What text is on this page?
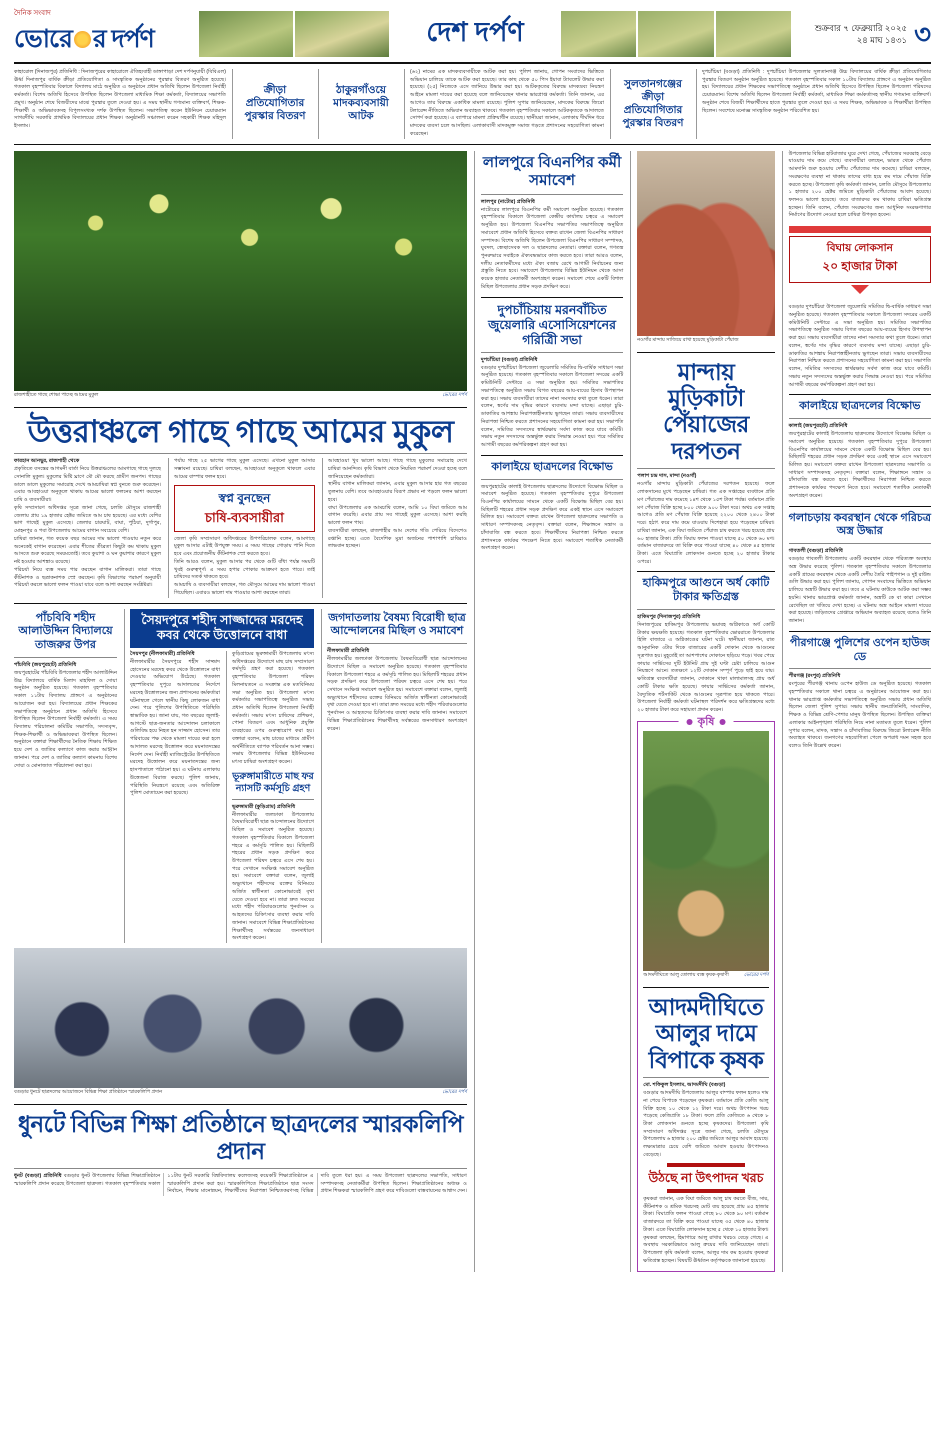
দৈনিক সংবাদ
ভোরে র দর্পণ	দেশ দর্পণ	শুক্রবার ৭ ফেব্রুয়ারি ২০২৫
২৪ মাঘ ১৪৩১ ৩
কাহারোল (দিনাজপুর) প্রতিনিধি : দিনাজপুরের কাহারোলে ঐতিহ্যবাহী ডাঙ্গাপাড়া দেশ দর্পণনুযায়ী (বিবিএল) ঊর্ধ্ব দিনাজপুর বার্ষিক ক্রীড়া প্রতিযোগিতা ও সাংস্কৃতিক অনুষ্ঠানের পুরস্কার বিতরণ অনুষ্ঠিত হয়েছে। গতকাল বৃহস্পতিবার বিকালে বিদ্যালয় মাঠে অনুষ্ঠিত এ অনুষ্ঠানে প্রধান অতিথি ছিলেন উপজেলা নির্বাহী কর্মকর্তা। বিশেষ অতিথি হিসেবে উপস্থিত ছিলেন উপজেলা মাধ্যমিক শিক্ষা কর্মকর্তা, বিদ্যালয়ের সভাপতি প্রমুখ। অনুষ্ঠান শেষে বিজয়ীদের মাঝে পুরস্কার তুলে দেওয়া হয়। এ সময় স্থানীয় গণ্যমান্য ব্যক্তিবর্গ, শিক্ষক-শিক্ষার্থী ও অভিভাবকসহ বিপুলসংখ্যক দর্শক উপস্থিত ছিলেন। সভাপতিত্ব করেন ইউনিয়ন চেয়ারম্যান সাগরদীঘি সরকারি প্রাথমিক বিদ্যালয়ের প্রধান শিক্ষক। অনুষ্ঠানটি সঞ্চালনা করেন সহকারী শিক্ষক মহিদুল ইসলাম।
ক্রীড়া প্রতিযোগিতার পুরস্কার বিতরণ
ঠাকুরগাঁওয়ে মাদকব্যবসায়ী আটক
(৬২) নামের এক মাদকব্যবসায়ীকে আটক করা হয়। পুলিশ জানায়, গোপন সংবাদের ভিত্তিতে অভিযান চালিয়ে তাকে আটক করা হয়েছে। তার কাছ থেকে ৫০ পিস ইয়াবা ট্যাবলেট উদ্ধার করা হয়েছে। (২৫) নিজেকে এসে জানিয়ে উদ্ধার করা হয়। আটককৃতের বিরুদ্ধে মাদকদ্রব্য নিয়ন্ত্রণ আইনে মামলা দায়ের করা হয়েছে বলে জানিয়েছেন থানার ভারপ্রাপ্ত কর্মকর্তা। তিনি জানান, এর আগেও তার বিরুদ্ধে একাধিক মামলা রয়েছে। পুলিশ সুপার জানিয়েছেন, মাদকের বিরুদ্ধে জিরো টলারেন্স নীতিতে অভিযান অব্যাহত থাকবে। গতকাল বৃহস্পতিবার সকালে আটককৃতকে আদালতে সোপর্দ করা হয়েছে। এ ব্যাপারে মামলা প্রক্রিয়াধীন রয়েছে। স্থানীয়রা জানান, এলাকায় দীর্ঘদিন ধরে মাদকের ব্যবসা চলে আসছিল। এলাকাবাসী মাদকমুক্ত সমাজ গড়তে প্রশাসনের সহযোগিতা কামনা করেছেন।
সুলতানগঞ্জের ক্রীড়া প্রতিযোগিতার পুরস্কার বিতরণ
দুপচাঁচিয়া (বগুড়া) প্রতিনিধি : দুপচাঁচিয়া উপজেলার সুলতানগঞ্জ উচ্চ বিদ্যালয়ের বার্ষিক ক্রীড়া প্রতিযোগিতার পুরস্কার বিতরণ অনুষ্ঠান অনুষ্ঠিত হয়েছে। গতকাল বৃহস্পতিবার সকাল ১০টায় বিদ্যালয় প্রাঙ্গণে এ অনুষ্ঠান অনুষ্ঠিত হয়। বিদ্যালয়ের প্রধান শিক্ষকের সভাপতিত্বে অনুষ্ঠানে প্রধান অতিথি হিসেবে উপস্থিত ছিলেন উপজেলা পরিষদের চেয়ারম্যান। বিশেষ অতিথি ছিলেন উপজেলা নির্বাহী কর্মকর্তা, মাধ্যমিক শিক্ষা কর্মকর্তাসহ স্থানীয় গণ্যমান্য ব্যক্তিবর্গ। অনুষ্ঠান শেষে বিজয়ী শিক্ষার্থীদের হাতে পুরস্কার তুলে দেওয়া হয়। এ সময় শিক্ষক, অভিভাবক ও শিক্ষার্থীরা উপস্থিত ছিলেন। সবশেষে মনোজ্ঞ সাংস্কৃতিক অনুষ্ঠান পরিবেশিত হয়।
রাজশাহীতে গাছে শোভা পাচ্ছে আমের মুকুল	ভোরের দর্পণ
উত্তরাঞ্চলে গাছে গাছে আমের মুকুল
ফারহান আনছুর, রাজশাহী থেকে
প্রকৃতিতে বসন্তের আগমনী বার্তা নিয়ে উত্তরাঞ্চলের আমগাছে গাছে দুলছে সোনালি মুকুল। মুকুলের মিষ্টি ঘ্রাণে মৌ মৌ করছে গ্রামীণ জনপদ। গাছের ডালে ডালে মুকুলের সমারোহ দেখে আমচাষিরা স্বপ্ন বুনতে শুরু করেছেন। এবার আবহাওয়া অনুকূলে থাকায় আমের ভালো ফলনের আশা করছেন চাষি ও ব্যবসায়ীরা।
কৃষি সম্প্রসারণ অধিদপ্তর সূত্রে জানা গেছে, চলতি মৌসুমে রাজশাহী জেলায় প্রায় ১৯ হাজার হেক্টর জমিতে আম চাষ হয়েছে। এর মধ্যে বেশির ভাগ গাছেই মুকুল এসেছে। জেলার চারঘাট, বাঘা, পুঠিয়া, দুর্গাপুর, মোহনপুর ও পবা উপজেলায় আমের বাগান সবচেয়ে বেশি।
চাষিরা জানান, গত কয়েক বছর আমের দাম ভালো পাওয়ায় নতুন করে অনেকেই বাগান করেছেন। এবার শীতের তীব্রতা কিছুটা কম থাকায় মুকুল আসতে শুরু করেছে সময়মতোই। তবে কুয়াশা ও ঘন কুয়াশার কারণে মুকুল নষ্ট হওয়ার আশঙ্কাও রয়েছে।
পরিচর্যা নিয়ে ব্যস্ত সময় পার করছেন বাগান মালিকরা। তারা গাছে কীটনাশক ও ছত্রাকনাশক স্প্রে করছেন। কৃষি বিভাগের পরামর্শ অনুযায়ী পরিচর্যা করলে ভালো ফলন পাওয়া যাবে বলে আশা করছেন সংশ্লিষ্টরা।
পর্যায় গাছে ২৫ ভাগের গাছে মুকুল এসেছে। এখনো মুকুল আসার সম্ভাবনা রয়েছে। চাষিরা বলছেন, আবহাওয়া অনুকূলে থাকলে এবার আমের বাম্পার ফলন হবে।
স্বপ্ন বুনছেন
চাষি-ব্যবসায়ীরা
জেলা কৃষি সম্প্রসারণ অধিদপ্তরের উপপরিচালক বলেন, আমগাছে মুকুল আসার এটাই উপযুক্ত সময়। এ সময় গাছের গোড়ায় পানি দিতে হবে এবং প্রয়োজনীয় কীটনাশক স্প্রে করতে হবে।
তিনি আরও বলেন, মুকুল আসার পর থেকে গুটি বাঁধা পর্যন্ত সময়টি খুবই গুরুত্বপূর্ণ। এ সময় হপার পোকার আক্রমণ হতে পারে। তাই চাষিদের সতর্ক থাকতে হবে।
আমচাষি ও ব্যবসায়ীরা বলছেন, গত মৌসুমে আমের দাম ভালো পাওয়া গিয়েছিল। এবারও ভালো দাম পাওয়ার আশা করছেন তারা।
আবহাওয়া খুব ভালো আছে। গাছে গাছে মুকুলের সমারোহ দেখে চাষিরা আনন্দিত। কৃষি বিভাগ থেকে নিয়মিত পরামর্শ দেওয়া হচ্ছে বলে জানিয়েছেন কর্মকর্তারা।
স্থানীয় বাগান মালিকরা জানান, এবার মুকুল আসার হার গত বছরের তুলনায় বেশি। তবে আবহাওয়ার বিরূপ প্রভাব না পড়লে ফলন ভালো হবে।
বাঘা উপজেলার এক আমচাষি বলেন, আমি ১০ বিঘা জমিতে আম বাগান করেছি। এবার প্রায় সব গাছেই মুকুল এসেছে। আশা করছি ভালো ফলন পাব।
ব্যবসায়ীরা বলছেন, রাজশাহীর আম দেশের গণ্ডি পেরিয়ে বিদেশেও রপ্তানি হচ্ছে। এতে বৈদেশিক মুদ্রা অর্জনের পাশাপাশি চাষিরাও লাভবান হচ্ছেন।
পাঁচবিবি শহীদ আলাউদ্দিন বিদ্যালয়ে তাজরুর উপর
পাঁচবিবি (জয়পুরহাট) প্রতিনিধি
জয়পুরহাটের পাঁচবিবি উপজেলার শহীদ আলাউদ্দিন উচ্চ বিদ্যালয়ে বার্ষিক মিলাদ মাহফিল ও দোয়া অনুষ্ঠান অনুষ্ঠিত হয়েছে। গতকাল বৃহস্পতিবার সকাল ১১টায় বিদ্যালয় প্রাঙ্গণে এ অনুষ্ঠানের আয়োজন করা হয়। বিদ্যালয়ের প্রধান শিক্ষকের সভাপতিত্বে অনুষ্ঠানে প্রধান অতিথি হিসেবে উপস্থিত ছিলেন উপজেলা নির্বাহী কর্মকর্তা। এ সময় বিদ্যালয় পরিচালনা কমিটির সভাপতি, সদস্যবৃন্দ, শিক্ষক-শিক্ষার্থী ও অভিভাবকরা উপস্থিত ছিলেন। অনুষ্ঠানে বক্তারা শিক্ষার্থীদের নৈতিক শিক্ষায় শিক্ষিত হয়ে দেশ ও জাতির কল্যাণে কাজ করার আহ্বান জানান। পরে দেশ ও জাতির কল্যাণ কামনায় বিশেষ দোয়া ও মোনাজাত পরিচালনা করা হয়।
সৈয়দপুরে শহীদ সাজ্জাদের মরদেহ কবর থেকে উত্তোলনে বাধা
সৈয়দপুর (নীলফামারী) প্রতিনিধি
নীলফামারীর সৈয়দপুরে শহীদ সাজ্জাদ হোসেনের মরদেহ কবর থেকে উত্তোলনে বাধা দেওয়ার অভিযোগ উঠেছে। গতকাল বৃহস্পতিবার দুপুরে আদালতের নির্দেশে মরদেহ উত্তোলনের জন্য প্রশাসনের কর্মকর্তারা ঘটনাস্থলে গেলে স্থানীয় কিছু লোকজন বাধা দেন। পরে পুলিশের উপস্থিতিতে পরিস্থিতি স্বাভাবিক হয়। জানা যায়, গত বছরের জুলাই-আগস্টে ছাত্র-জনতার আন্দোলন চলাকালে গুলিবিদ্ধ হয়ে নিহত হন সাজ্জাদ হোসেন। তার পরিবারের পক্ষ থেকে মামলা দায়ের করা হলে আদালত মরদেহ উত্তোলন করে ময়নাতদন্তের নির্দেশ দেন। নির্বাহী ম্যাজিস্ট্রেটের উপস্থিতিতে মরদেহ উত্তোলন করে ময়নাতদন্তের জন্য হাসপাতালে পাঠানো হয়। এ ঘটনায় এলাকায় উত্তেজনা বিরাজ করছে। পুলিশ জানায়, পরিস্থিতি নিয়ন্ত্রণে রয়েছে এবং অতিরিক্ত পুলিশ মোতায়েন করা হয়েছে।
কুড়িগ্রামের ভূরুঙ্গামারী উপজেলায় মৎস্য অধিদপ্তরের উদ্যোগে মাছ চাষ সম্প্রসারণ কর্মসূচি গ্রহণ করা হয়েছে। গতকাল বৃহস্পতিবার উপজেলা পরিষদ মিলনায়তনে এ সংক্রান্ত এক মতবিনিময় সভা অনুষ্ঠিত হয়। উপজেলা মৎস্য কর্মকর্তার সভাপতিত্বে অনুষ্ঠিত সভায় প্রধান অতিথি ছিলেন উপজেলা নির্বাহী কর্মকর্তা। সভায় মৎস্য চাষিদের প্রশিক্ষণ, পোনা বিতরণ এবং আধুনিক প্রযুক্তি ব্যবহারের ওপর গুরুত্বারোপ করা হয়। বক্তারা বলেন, মাছ চাষের মাধ্যমে গ্রামীণ অর্থনীতিতে ব্যাপক পরিবর্তন আনা সম্ভব। সভায় উপজেলার বিভিন্ন ইউনিয়নের মৎস্য চাষিরা অংশগ্রহণ করেন।
ভূরুঙ্গামারীতে মাছ ফর ন্যাসটি কর্মসূচি গ্রহণ
ভূরুঙ্গামারী (কুড়িগ্রাম) প্রতিনিধি
নীলফামারীর জলঢাকা উপজেলায় বৈষম্যবিরোধী ছাত্র আন্দোলনের উদ্যোগে মিছিল ও সমাবেশ অনুষ্ঠিত হয়েছে। গতকাল বৃহস্পতিবার বিকালে উপজেলা শহরে এ কর্মসূচি পালিত হয়। মিছিলটি শহরের প্রধান সড়ক প্রদক্ষিণ করে উপজেলা পরিষদ চত্বরে এসে শেষ হয়। পরে সেখানে সংক্ষিপ্ত সমাবেশ অনুষ্ঠিত হয়। সমাবেশে বক্তারা বলেন, জুলাই অভ্যুত্থানে শহীদদের রক্তের বিনিময়ে অর্জিত স্বাধীনতা কোনোভাবেই বৃথা যেতে দেওয়া হবে না। তারা দ্রুত সময়ের মধ্যে শহীদ পরিবারগুলোর পুনর্বাসন ও আহতদের চিকিৎসার ব্যবস্থা করার দাবি জানান। সমাবেশে বিভিন্ন শিক্ষাপ্রতিষ্ঠানের শিক্ষার্থীসহ সর্বস্তরের জনসাধারণ অংশগ্রহণ করেন।
জগদাতলায় বৈষম্য বিরোধী ছাত্র আন্দোলনের মিছিল ও সমাবেশ
নীলফামারী প্রতিনিধি
নীলফামারীর জলঢাকা উপজেলায় বৈষম্যবিরোধী ছাত্র আন্দোলনের উদ্যোগে মিছিল ও সমাবেশ অনুষ্ঠিত হয়েছে। গতকাল বৃহস্পতিবার বিকালে উপজেলা শহরে এ কর্মসূচি পালিত হয়। মিছিলটি শহরের প্রধান সড়ক প্রদক্ষিণ করে উপজেলা পরিষদ চত্বরে এসে শেষ হয়। পরে সেখানে সংক্ষিপ্ত সমাবেশ অনুষ্ঠিত হয়। সমাবেশে বক্তারা বলেন, জুলাই অভ্যুত্থানে শহীদদের রক্তের বিনিময়ে অর্জিত স্বাধীনতা কোনোভাবেই বৃথা যেতে দেওয়া হবে না। তারা দ্রুত সময়ের মধ্যে শহীদ পরিবারগুলোর পুনর্বাসন ও আহতদের চিকিৎসার ব্যবস্থা করার দাবি জানান। সমাবেশে বিভিন্ন শিক্ষাপ্রতিষ্ঠানের শিক্ষার্থীসহ সর্বস্তরের জনসাধারণ অংশগ্রহণ করেন।
বগুড়ার ধুনটে ছাত্রদলের আয়োজনে বিভিন্ন শিক্ষা প্রতিষ্ঠানে স্মারকলিপি প্রদান	ভোরের দর্পণ
ধুনটে বিভিন্ন শিক্ষা প্রতিষ্ঠানে ছাত্রদলের স্মারকলিপি প্রদান
ধুনট (বগুড়া) প্রতিনিধি বগুড়ার ধুনট উপজেলার বিভিন্ন শিক্ষাপ্রতিষ্ঠানে স্মারকলিপি প্রদান করেছে উপজেলা ছাত্রদল। গতকাল বৃহস্পতিবার সকাল ১১টায় ধুনট সরকারি বিশ্ববিদ্যালয় কলেজসহ কয়েকটি শিক্ষাপ্রতিষ্ঠানে এ স্মারকলিপি প্রদান করা হয়। স্মারকলিপিতে শিক্ষাপ্রতিষ্ঠানে ছাত্র সংসদ নির্বাচন, শিক্ষার মানোন্নয়ন, শিক্ষার্থীদের নিরাপত্তা নিশ্চিতকরণসহ বিভিন্ন দাবি তুলে ধরা হয়। এ সময় উপজেলা ছাত্রদলের সভাপতি, সাধারণ সম্পাদকসহ নেতাকর্মীরা উপস্থিত ছিলেন। শিক্ষাপ্রতিষ্ঠানের অধ্যক্ষ ও প্রধান শিক্ষকরা স্মারকলিপি গ্রহণ করে দাবিগুলো বাস্তবায়নের আশ্বাস দেন।
লালপুরে বিএনপির কর্মী সমাবেশ
লালপুর (নাটোর) প্রতিনিধি
নাটোরের লালপুরে বিএনপির কর্মী সমাবেশ অনুষ্ঠিত হয়েছে। গতকাল বৃহস্পতিবার বিকালে উপজেলা কেন্দ্রীয় কার্যালয় চত্বরে এ সমাবেশ অনুষ্ঠিত হয়। উপজেলা বিএনপির সভাপতির সভাপতিত্বে অনুষ্ঠিত সমাবেশে প্রধান অতিথি হিসেবে বক্তব্য রাখেন জেলা বিএনপির সাধারণ সম্পাদক। বিশেষ অতিথি ছিলেন উপজেলা বিএনপির সাধারণ সম্পাদক, যুবদল, স্বেচ্ছাসেবক দল ও ছাত্রদলের নেতারা। বক্তারা বলেন, গণতন্ত্র পুনরুদ্ধারে সবাইকে ঐক্যবদ্ধভাবে কাজ করতে হবে। তারা আরও বলেন, দলীয় নেতাকর্মীদের মধ্যে ঐক্য বজায় রেখে আগামী নির্বাচনের জন্য প্রস্তুতি নিতে হবে। সমাবেশে উপজেলার বিভিন্ন ইউনিয়ন থেকে আসা কয়েক হাজার নেতাকর্মী অংশগ্রহণ করেন। সমাবেশ শেষে একটি বিশাল মিছিল উপজেলার প্রধান সড়ক প্রদক্ষিণ করে।
দুপচাঁচিয়ায় মরনবাঁচিত জুয়েলারি এসোসিয়েশনের গরিত্রিী সভা
দুপচাঁচিয়া (বগুড়া) প্রতিনিধি
বগুড়ার দুপচাঁচিয়া উপজেলা জুয়েলারি সমিতির দ্বি-বার্ষিক সাধারণ সভা অনুষ্ঠিত হয়েছে। গতকাল বৃহস্পতিবার সকালে উপজেলা সদরের একটি কমিউনিটি সেন্টারে এ সভা অনুষ্ঠিত হয়। সমিতির সভাপতির সভাপতিত্বে অনুষ্ঠিত সভায় বিগত বছরের আয়-ব্যয়ের হিসাব উপস্থাপন করা হয়। সভায় ব্যবসায়ীরা তাদের নানা সমস্যার কথা তুলে ধরেন। তারা বলেন, স্বর্ণের দাম বৃদ্ধির কারণে ব্যবসায় মন্দা যাচ্ছে। এছাড়া চুরি-ডাকাতির আশঙ্কায় নিরাপত্তাহীনতায় ভুগছেন তারা। সভায় ব্যবসায়ীদের নিরাপত্তা নিশ্চিত করতে প্রশাসনের সহযোগিতা কামনা করা হয়। সভাপতি বলেন, সমিতির সদস্যদের স্বার্থরক্ষায় সর্বদা কাজ করে যাবে কমিটি। সভায় নতুন সদস্যদের অন্তর্ভুক্ত করার সিদ্ধান্ত নেওয়া হয়। পরে সমিতির আগামী বছরের কর্মপরিকল্পনা গ্রহণ করা হয়।
কালাইয়ে ছাত্রদলের বিক্ষোভ
জয়পুরহাটের কালাই উপজেলায় ছাত্রদলের উদ্যোগে বিক্ষোভ মিছিল ও সমাবেশ অনুষ্ঠিত হয়েছে। গতকাল বৃহস্পতিবার দুপুরে উপজেলা বিএনপির কার্যালয়ের সামনে থেকে একটি বিক্ষোভ মিছিল বের হয়। মিছিলটি শহরের প্রধান সড়ক প্রদক্ষিণ করে একই স্থানে এসে সমাবেশে মিলিত হয়। সমাবেশে বক্তব্য রাখেন উপজেলা ছাত্রদলের সভাপতি ও সাধারণ সম্পাদকসহ নেতৃবৃন্দ। বক্তারা বলেন, শিক্ষাঙ্গনে সন্ত্রাস ও চাঁদাবাজি বন্ধ করতে হবে। শিক্ষার্থীদের নিরাপত্তা নিশ্চিত করতে প্রশাসনকে কার্যকর পদক্ষেপ নিতে হবে। সমাবেশে শতাধিক নেতাকর্মী অংশগ্রহণ করেন।
নওগাঁর মান্দায় সাজিয়ে রাখা হয়েছে মুড়িকাটা পেঁয়াজ
মান্দায় মুড়িকাটা পেঁয়াজের দরপতন
পলাশ চন্দ্র দাস, মান্দা (নওগাঁ)
নওগাঁর মান্দায় মুড়িকাটা পেঁয়াজের দরপতন হয়েছে। ফলে লোকসানের মুখে পড়েছেন চাষিরা। গত এক সপ্তাহের ব্যবধানে প্রতি মণ পেঁয়াজের দাম কমেছে ১৪শ থেকে ১৫শ টাকা পর্যন্ত। বর্তমানে প্রতি মণ পেঁয়াজ বিক্রি হচ্ছে ৮০০ থেকে ৯০০ টাকা দরে। অথচ এক সপ্তাহ আগেও প্রতি মণ পেঁয়াজ বিক্রি হয়েছে ২২০০ থেকে ২৪০০ টাকা দরে। হঠাৎ করে দাম কমে যাওয়ায় দিশেহারা হয়ে পড়েছেন চাষিরা। চাষিরা জানান, এক বিঘা জমিতে পেঁয়াজ চাষ করতে খরচ হয়েছে প্রায় ৬০ হাজার টাকা। প্রতি বিঘায় ফলন পাওয়া যাচ্ছে ৫০ থেকে ৬০ মণ। বর্তমান বাজারদরে তা বিক্রি করে পাওয়া যাচ্ছে ৪০ থেকে ৪৫ হাজার টাকা। এতে বিঘাপ্রতি লোকসান গুনতে হচ্ছে ২০ হাজার টাকার ওপরে।
হাকিমপুরে আগুনে অর্ধ কোটি টাকার ক্ষতিগ্রস্ত
হাকিমপুর (দিনাজপুর) প্রতিনিধি
দিনাজপুরের হাকিমপুর উপজেলায় ভয়াবহ অগ্নিকাণ্ডে অর্ধ কোটি টাকার ক্ষয়ক্ষতি হয়েছে। গতকাল বৃহস্পতিবার ভোররাতে উপজেলার হিলি বাজারে এ অগ্নিকাণ্ডের ঘটনা ঘটে। স্থানীয়রা জানান, রাত আনুমানিক ৩টার দিকে বাজারের একটি দোকান থেকে আগুনের সূত্রপাত হয়। মুহূর্তেই তা আশপাশের দোকানে ছড়িয়ে পড়ে। খবর পেয়ে ফায়ার সার্ভিসের দুটি ইউনিট প্রায় দুই ঘণ্টা চেষ্টা চালিয়ে আগুন নিয়ন্ত্রণে আনে। ততক্ষণে ১২টি দোকান সম্পূর্ণ পুড়ে ছাই হয়ে যায়। ক্ষতিগ্রস্ত ব্যবসায়ীরা জানান, দোকানে থাকা মালামালসহ প্রায় অর্ধ কোটি টাকার ক্ষতি হয়েছে। ফায়ার সার্ভিসের কর্মকর্তা জানান, বৈদ্যুতিক শর্টসার্কিট থেকে আগুনের সূত্রপাত হয়ে থাকতে পারে। উপজেলা নির্বাহী কর্মকর্তা ঘটনাস্থল পরিদর্শন করে ক্ষতিগ্রস্তদের মধ্যে ২০ হাজার টাকা করে সহায়তা প্রদান করেন।
কৃষি
আদমদীঘিতে আলু তোলায় ব্যস্ত কৃষক-কৃষাণী	ভোরের দর্পণ
আদমদীঘিতে আলুর দামে বিপাকে কৃষক
মো. শফিকুল ইসলাম, আদমদীঘি (বগুড়া)
বগুড়ার আদমদীঘি উপজেলায় আলুর বাম্পার ফলন হলেও দাম না পেয়ে বিপাকে পড়েছেন কৃষকরা। বর্তমানে প্রতি কেজি আলু বিক্রি হচ্ছে ১০ থেকে ১২ টাকা দরে। অথচ উৎপাদন খরচ পড়েছে কেজিপ্রতি ১৮ টাকা। ফলে প্রতি কেজিতে ৬ থেকে ৮ টাকা লোকসান গুনতে হচ্ছে কৃষকদের। উপজেলা কৃষি সম্প্রসারণ অধিদপ্তর সূত্রে জানা গেছে, চলতি মৌসুমে উপজেলায় ৬ হাজার ২০০ হেক্টর জমিতে আলুর আবাদ হয়েছে। লক্ষ্যমাত্রার চেয়ে বেশি জমিতে আবাদ হওয়ায় উৎপাদনও বেড়েছে।
উঠছে না উৎপাদন খরচ
কৃষকরা জানান, এক বিঘা জমিতে আলু চাষ করতে বীজ, সার, কীটনাশক ও শ্রমিক খরচসহ মোট ব্যয় হয়েছে প্রায় ৪৫ হাজার টাকা। বিঘাপ্রতি ফলন পাওয়া গেছে ৮০ থেকে ৯০ মণ। বর্তমান বাজারদরে তা বিক্রি করে পাওয়া যাচ্ছে ৩৫ থেকে ৪০ হাজার টাকা। এতে বিঘাপ্রতি লোকসান হচ্ছে ৫ থেকে ১০ হাজার টাকা। কৃষকরা বলছেন, হিমাগারে আলু রাখার খরচও বেড়ে গেছে। এ অবস্থায় সরকারিভাবে আলু ক্রয়ের দাবি জানিয়েছেন তারা। উপজেলা কৃষি কর্মকর্তা বলেন, আলুর দাম কম হওয়ায় কৃষকরা ক্ষতিগ্রস্ত হচ্ছেন। বিষয়টি ঊর্ধ্বতন কর্তৃপক্ষকে জানানো হয়েছে।
উপজেলার বিভিন্ন হাটবাজার ঘুরে দেখা গেছে, পেঁয়াজের সরবরাহ বেড়ে যাওয়ায় দাম কমে গেছে। ব্যবসায়ীরা বলছেন, ভারত থেকে পেঁয়াজ আমদানি শুরু হওয়ায় দেশীয় পেঁয়াজের দাম কমেছে। চাষিরা বলছেন, সংরক্ষণের ব্যবস্থা না থাকায় তাদের বাধ্য হয়ে কম দামে পেঁয়াজ বিক্রি করতে হচ্ছে। উপজেলা কৃষি কর্মকর্তা জানান, চলতি মৌসুমে উপজেলায় ১ হাজার ২০০ হেক্টর জমিতে মুড়িকাটা পেঁয়াজের আবাদ হয়েছে। ফলনও ভালো হয়েছে। তবে বাজারদর কম থাকায় চাষিরা ক্ষতিগ্রস্ত হচ্ছেন। তিনি বলেন, পেঁয়াজ সংরক্ষণের জন্য আধুনিক সংরক্ষণাগার নির্মাণের উদ্যোগ নেওয়া হলে চাষিরা উপকৃত হবেন।
বিঘায় লোকসান
২০ হাজার টাকা
বগুড়ার দুপচাঁচিয়া উপজেলা জুয়েলারি সমিতির দ্বি-বার্ষিক সাধারণ সভা অনুষ্ঠিত হয়েছে। গতকাল বৃহস্পতিবার সকালে উপজেলা সদরের একটি কমিউনিটি সেন্টারে এ সভা অনুষ্ঠিত হয়। সমিতির সভাপতির সভাপতিত্বে অনুষ্ঠিত সভায় বিগত বছরের আয়-ব্যয়ের হিসাব উপস্থাপন করা হয়। সভায় ব্যবসায়ীরা তাদের নানা সমস্যার কথা তুলে ধরেন। তারা বলেন, স্বর্ণের দাম বৃদ্ধির কারণে ব্যবসায় মন্দা যাচ্ছে। এছাড়া চুরি-ডাকাতির আশঙ্কায় নিরাপত্তাহীনতায় ভুগছেন তারা। সভায় ব্যবসায়ীদের নিরাপত্তা নিশ্চিত করতে প্রশাসনের সহযোগিতা কামনা করা হয়। সভাপতি বলেন, সমিতির সদস্যদের স্বার্থরক্ষায় সর্বদা কাজ করে যাবে কমিটি। সভায় নতুন সদস্যদের অন্তর্ভুক্ত করার সিদ্ধান্ত নেওয়া হয়। পরে সমিতির আগামী বছরের কর্মপরিকল্পনা গ্রহণ করা হয়।
কালাইয়ে ছাত্রদলের বিক্ষোভ
কালাই (জয়পুরহাট) প্রতিনিধি
জয়পুরহাটের কালাই উপজেলায় ছাত্রদলের উদ্যোগে বিক্ষোভ মিছিল ও সমাবেশ অনুষ্ঠিত হয়েছে। গতকাল বৃহস্পতিবার দুপুরে উপজেলা বিএনপির কার্যালয়ের সামনে থেকে একটি বিক্ষোভ মিছিল বের হয়। মিছিলটি শহরের প্রধান সড়ক প্রদক্ষিণ করে একই স্থানে এসে সমাবেশে মিলিত হয়। সমাবেশে বক্তব্য রাখেন উপজেলা ছাত্রদলের সভাপতি ও সাধারণ সম্পাদকসহ নেতৃবৃন্দ। বক্তারা বলেন, শিক্ষাঙ্গনে সন্ত্রাস ও চাঁদাবাজি বন্ধ করতে হবে। শিক্ষার্থীদের নিরাপত্তা নিশ্চিত করতে প্রশাসনকে কার্যকর পদক্ষেপ নিতে হবে। সমাবেশে শতাধিক নেতাকর্মী অংশগ্রহণ করেন।
গলাচড়ায় কবরস্থান থেকে গরিচত্র অস্ত্র উদ্ধার
গাবতলী (বগুড়া) প্রতিনিধি
বগুড়ার গাবতলী উপজেলায় একটি কবরস্থান থেকে পরিত্যক্ত অবস্থায় অস্ত্র উদ্ধার করেছে পুলিশ। গতকাল বৃহস্পতিবার সকালে উপজেলার একটি গ্রামের কবরস্থান থেকে একটি দেশীয় তৈরি পাইপগান ও দুই রাউন্ড গুলি উদ্ধার করা হয়। পুলিশ জানায়, গোপন সংবাদের ভিত্তিতে অভিযান চালিয়ে অস্ত্রটি উদ্ধার করা হয়। তবে এ ঘটনায় কাউকে আটক করা সম্ভব হয়নি। থানার ভারপ্রাপ্ত কর্মকর্তা জানান, অস্ত্রটি কে বা কারা সেখানে রেখেছিল তা খতিয়ে দেখা হচ্ছে। এ ঘটনায় অস্ত্র আইনে মামলা দায়ের করা হয়েছে। জড়িতদের গ্রেপ্তারে অভিযান অব্যাহত রয়েছে বলেও তিনি জানান।
পীরগাঞ্জে পুলিশের ওপেন হাউজ ডে
পীরগঞ্জ (রংপুর) প্রতিনিধি
রংপুরের পীরগঞ্জ থানায় ওপেন হাউজ ডে অনুষ্ঠিত হয়েছে। গতকাল বৃহস্পতিবার সকালে থানা চত্বরে এ অনুষ্ঠানের আয়োজন করা হয়। থানার ভারপ্রাপ্ত কর্মকর্তার সভাপতিত্বে অনুষ্ঠিত সভায় প্রধান অতিথি ছিলেন জেলা পুলিশ সুপার। সভায় স্থানীয় জনপ্রতিনিধি, সাংবাদিক, শিক্ষক ও বিভিন্ন শ্রেণি-পেশার মানুষ উপস্থিত ছিলেন। উপস্থিত ব্যক্তিরা এলাকার আইনশৃঙ্খলা পরিস্থিতি নিয়ে নানা মতামত তুলে ধরেন। পুলিশ সুপার বলেন, মাদক, সন্ত্রাস ও চাঁদাবাজির বিরুদ্ধে জিরো টলারেন্স নীতি অব্যাহত থাকবে। জনগণের সহযোগিতা পেলে অপরাধ দমন সহজ হবে বলেও তিনি উল্লেখ করেন।
